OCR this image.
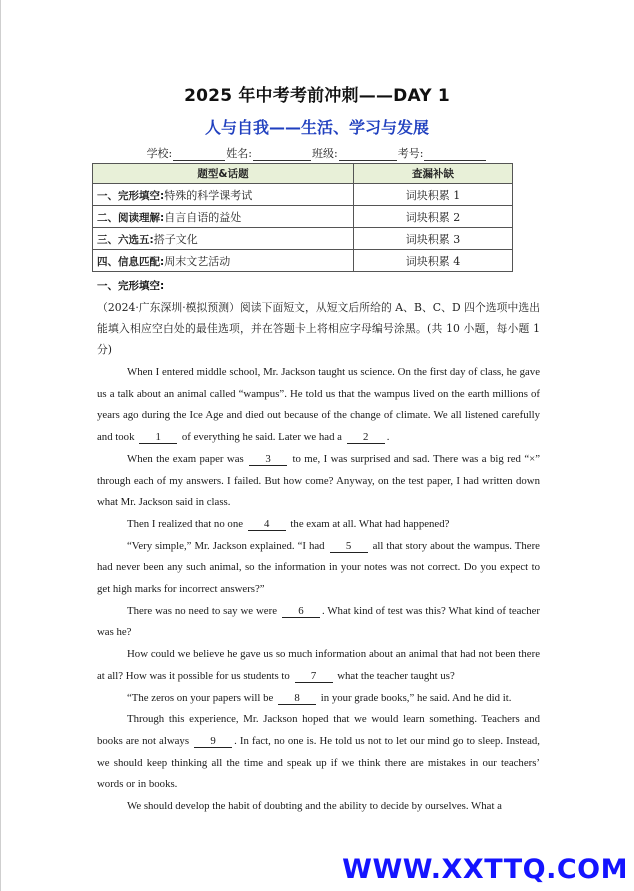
2025 年中考考前冲刺——DAY 1
人与自我——生活、学习与发展
学校:	姓名:	班级:	考号:
题型&话题	查漏补缺
一、完形填空:特殊的科学课考试	词块积累 1
二、阅读理解:自言自语的益处	词块积累 2
三、六选五:搭子文化	词块积累 3
四、信息匹配:周末文艺活动	词块积累 4
一、完形填空:
（2024·广东深圳·模拟预测）阅读下面短文，从短文后所给的 A、B、C、D 四个选项中选出能填入相应空白处的最佳选项，并在答题卡上将相应字母编号涂黑。(共 10 小题，每小题 1 分)

When I entered middle school, Mr. Jackson taught us science. On the first day of class, he gave us a talk about an animal called “wampus”. He told us that the wampus lived on the earth millions of years ago during the Ice Age and died out because of the change of climate. We all listened carefully and took 1 of everything he said. Later we had a 2 .

When the exam paper was 3 to me, I was surprised and sad. There was a big red “×” through each of my answers. I failed. But how come? Anyway, on the test paper, I had written down what Mr. Jackson said in class.

Then I realized that no one 4 the exam at all. What had happened?

“Very simple,” Mr. Jackson explained. “I had 5 all that story about the wampus. There had never been any such animal, so the information in your notes was not correct. Do you expect to get high marks for incorrect answers?”

There was no need to say we were 6 . What kind of test was this? What kind of teacher was he?

How could we believe he gave us so much information about an animal that had not been there at all? How was it possible for us students to 7 what the teacher taught us?

“The zeros on your papers will be 8 in your grade books,” he said. And he did it.

Through this experience, Mr. Jackson hoped that we would learn something. Teachers and books are not always 9 . In fact, no one is. He told us not to let our mind go to sleep. Instead, we should keep thinking all the time and speak up if we think there are mistakes in our teachers’ words or in books.

We should develop the habit of doubting and the ability to decide by ourselves. What a

WWW.XXTTQ.COM
